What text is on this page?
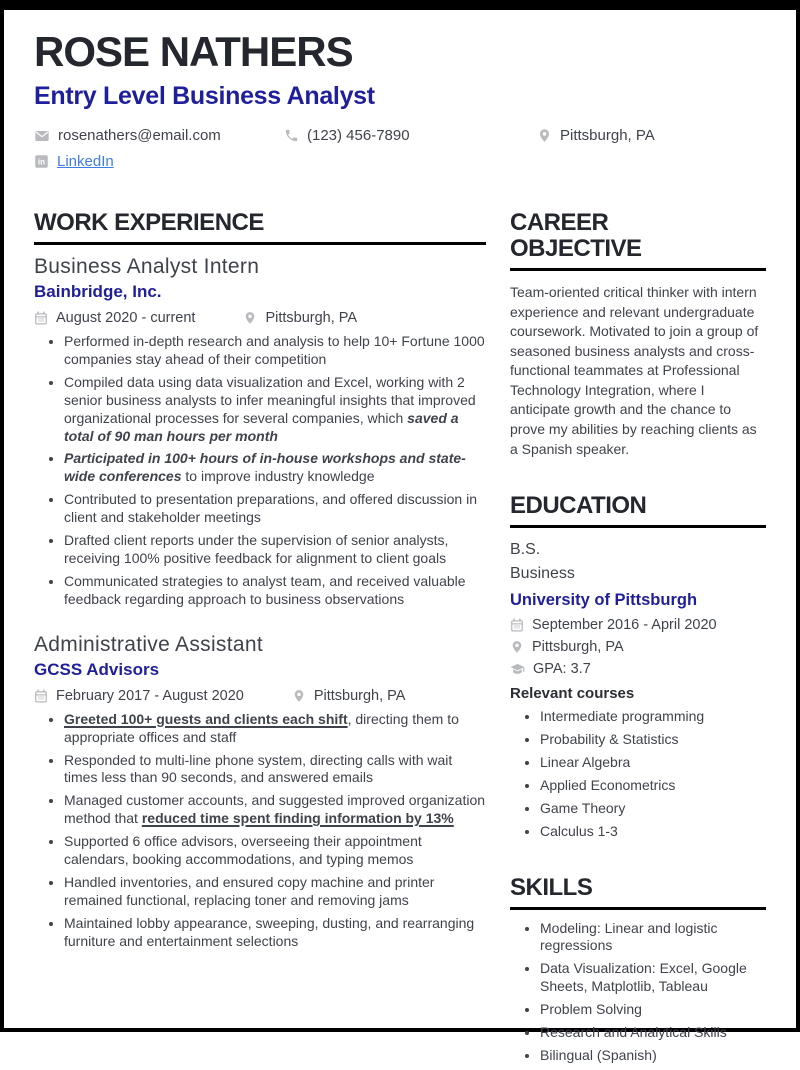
ROSE NATHERS
Entry Level Business Analyst
rosenathers@email.com	(123) 456-7890	Pittsburgh, PA
LinkedIn
WORK EXPERIENCE
Business Analyst Intern
Bainbridge, Inc.
August 2020 - current	Pittsburgh, PA
• Performed in-depth research and analysis to help 10+ Fortune 1000 companies stay ahead of their competition
• Compiled data using data visualization and Excel, working with 2 senior business analysts to infer meaningful insights that improved organizational processes for several companies, which saved a total of 90 man hours per month
• Participated in 100+ hours of in-house workshops and state-wide conferences to improve industry knowledge
• Contributed to presentation preparations, and offered discussion in client and stakeholder meetings
• Drafted client reports under the supervision of senior analysts, receiving 100% positive feedback for alignment to client goals
• Communicated strategies to analyst team, and received valuable feedback regarding approach to business observations
Administrative Assistant
GCSS Advisors
February 2017 - August 2020	Pittsburgh, PA
• Greeted 100+ guests and clients each shift, directing them to appropriate offices and staff
• Responded to multi-line phone system, directing calls with wait times less than 90 seconds, and answered emails
• Managed customer accounts, and suggested improved organization method that reduced time spent finding information by 13%
• Supported 6 office advisors, overseeing their appointment calendars, booking accommodations, and typing memos
• Handled inventories, and ensured copy machine and printer remained functional, replacing toner and removing jams
• Maintained lobby appearance, sweeping, dusting, and rearranging furniture and entertainment selections
CAREER OBJECTIVE

Team-oriented critical thinker with intern experience and relevant undergraduate coursework. Motivated to join a group of seasoned business analysts and cross-functional teammates at Professional Technology Integration, where I anticipate growth and the chance to prove my abilities by reaching clients as a Spanish speaker.

EDUCATION
B.S.
Business
University of Pittsburgh
September 2016 - April 2020
Pittsburgh, PA
GPA: 3.7
Relevant courses
• Intermediate programming
• Probability & Statistics
• Linear Algebra
• Applied Econometrics
• Game Theory
• Calculus 1-3
SKILLS
• Modeling: Linear and logistic regressions
• Data Visualization: Excel, Google Sheets, Matplotlib, Tableau
• Problem Solving
• Research and Analytical Skills
• Bilingual (Spanish)
